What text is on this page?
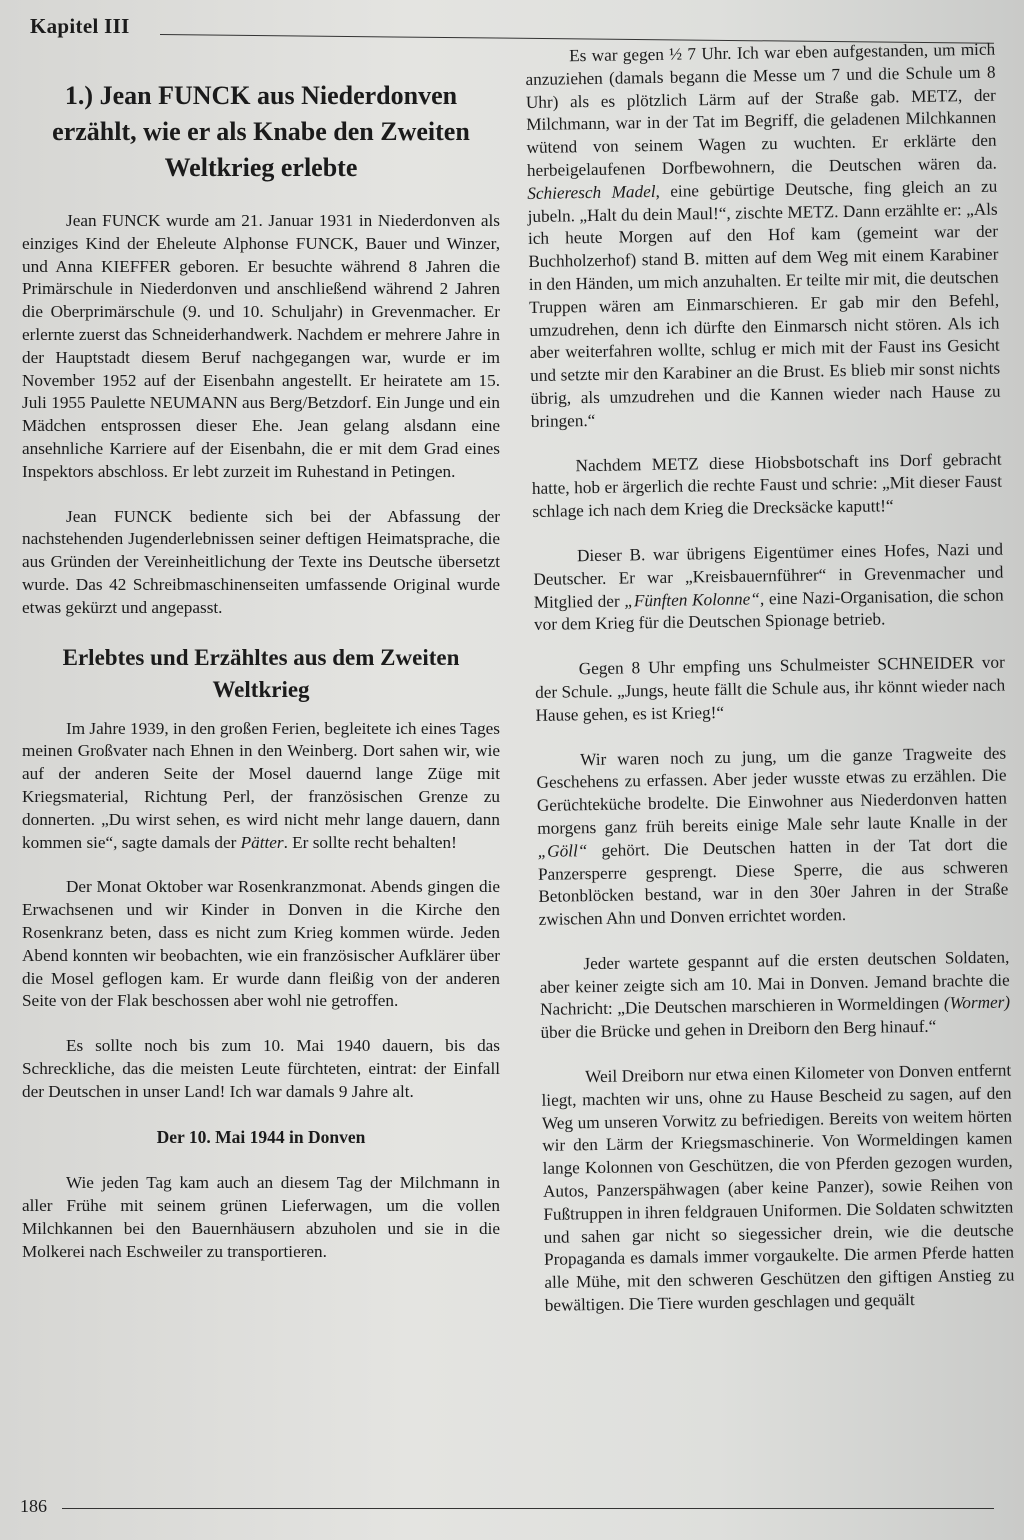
Kapitel III
1.) Jean FUNCK aus Niederdonven erzählt, wie er als Knabe den Zweiten Weltkrieg erlebte

Jean FUNCK wurde am 21. Januar 1931 in Niederdonven als einziges Kind der Eheleute Alphonse FUNCK, Bauer und Winzer, und Anna KIEFFER geboren. Er besuchte während 8 Jahren die Primärschule in Niederdonven und anschließend während 2 Jahren die Oberprimärschule (9. und 10. Schuljahr) in Grevenmacher. Er erlernte zuerst das Schneiderhandwerk. Nachdem er mehrere Jahre in der Hauptstadt diesem Beruf nachgegangen war, wurde er im November 1952 auf der Eisenbahn angestellt. Er heiratete am 15. Juli 1955 Paulette NEUMANN aus Berg/Betzdorf. Ein Junge und ein Mädchen entsprossen dieser Ehe. Jean gelang alsdann eine ansehnliche Karriere auf der Eisenbahn, die er mit dem Grad eines Inspektors abschloss. Er lebt zurzeit im Ruhestand in Petingen.

Jean FUNCK bediente sich bei der Abfassung der nachstehenden Jugenderlebnissen seiner deftigen Heimatsprache, die aus Gründen der Vereinheitlichung der Texte ins Deutsche übersetzt wurde. Das 42 Schreibmaschinenseiten umfassende Original wurde etwas gekürzt und angepasst.

Erlebtes und Erzähltes aus dem Zweiten Weltkrieg

Im Jahre 1939, in den großen Ferien, begleitete ich eines Tages meinen Großvater nach Ehnen in den Weinberg. Dort sahen wir, wie auf der anderen Seite der Mosel dauernd lange Züge mit Kriegsmaterial, Richtung Perl, der französischen Grenze zu donnerten. „Du wirst sehen, es wird nicht mehr lange dauern, dann kommen sie“, sagte damals der Pätter. Er sollte recht behalten!

Der Monat Oktober war Rosenkranzmonat. Abends gingen die Erwachsenen und wir Kinder in Donven in die Kirche den Rosenkranz beten, dass es nicht zum Krieg kommen würde. Jeden Abend konnten wir beobachten, wie ein französischer Aufklärer über die Mosel geflogen kam. Er wurde dann fleißig von der anderen Seite von der Flak beschossen aber wohl nie getroffen.

Es sollte noch bis zum 10. Mai 1940 dauern, bis das Schreckliche, das die meisten Leute fürchteten, eintrat: der Einfall der Deutschen in unser Land! Ich war damals 9 Jahre alt.

Der 10. Mai 1944 in Donven

Wie jeden Tag kam auch an diesem Tag der Milchmann in aller Frühe mit seinem grünen Lieferwagen, um die vollen Milchkannen bei den Bauernhäusern abzuholen und sie in die Molkerei nach Eschweiler zu transportieren.

Es war gegen ½ 7 Uhr. Ich war eben aufgestanden, um mich anzuziehen (damals begann die Messe um 7 und die Schule um 8 Uhr) als es plötzlich Lärm auf der Straße gab. METZ, der Milchmann, war in der Tat im Begriff, die geladenen Milchkannen wütend von seinem Wagen zu wuchten. Er erklärte den herbeigelaufenen Dorfbewohnern, die Deutschen wären da. Schieresch Madel, eine gebürtige Deutsche, fing gleich an zu jubeln. „Halt du dein Maul!“, zischte METZ. Dann erzählte er: „Als ich heute Morgen auf den Hof kam (gemeint war der Buchholzerhof) stand B. mitten auf dem Weg mit einem Karabiner in den Händen, um mich anzuhalten. Er teilte mir mit, die deutschen Truppen wären am Einmarschieren. Er gab mir den Befehl, umzudrehen, denn ich dürfte den Einmarsch nicht stören. Als ich aber weiterfahren wollte, schlug er mich mit der Faust ins Gesicht und setzte mir den Karabiner an die Brust. Es blieb mir sonst nichts übrig, als umzudrehen und die Kannen wieder nach Hause zu bringen.“

Nachdem METZ diese Hiobsbotschaft ins Dorf gebracht hatte, hob er ärgerlich die rechte Faust und schrie: „Mit dieser Faust schlage ich nach dem Krieg die Drecksäcke kaputt!“

Dieser B. war übrigens Eigentümer eines Hofes, Nazi und Deutscher. Er war „Kreisbauernführer“ in Grevenmacher und Mitglied der „Fünften Kolonne“, eine Nazi-Organisation, die schon vor dem Krieg für die Deutschen Spionage betrieb.

Gegen 8 Uhr empfing uns Schulmeister SCHNEIDER vor der Schule. „Jungs, heute fällt die Schule aus, ihr könnt wieder nach Hause gehen, es ist Krieg!“

Wir waren noch zu jung, um die ganze Tragweite des Geschehens zu erfassen. Aber jeder wusste etwas zu erzählen. Die Gerüchteküche brodelte. Die Einwohner aus Niederdonven hatten morgens ganz früh bereits einige Male sehr laute Knalle in der „Göll“ gehört. Die Deutschen hatten in der Tat dort die Panzersperre gesprengt. Diese Sperre, die aus schweren Betonblöcken bestand, war in den 30er Jahren in der Straße zwischen Ahn und Donven errichtet worden.

Jeder wartete gespannt auf die ersten deutschen Soldaten, aber keiner zeigte sich am 10. Mai in Donven. Jemand brachte die Nachricht: „Die Deutschen marschieren in Wormeldingen (Wormer) über die Brücke und gehen in Dreiborn den Berg hinauf.“

Weil Dreiborn nur etwa einen Kilometer von Donven entfernt liegt, machten wir uns, ohne zu Hause Bescheid zu sagen, auf den Weg um unseren Vorwitz zu befriedigen. Bereits von weitem hörten wir den Lärm der Kriegsmaschinerie. Von Wormeldingen kamen lange Kolonnen von Geschützen, die von Pferden gezogen wurden, Autos, Panzerspähwagen (aber keine Panzer), sowie Reihen von Fußtruppen in ihren feldgrauen Uniformen. Die Soldaten schwitzten und sahen gar nicht so siegessicher drein, wie die deutsche Propaganda es damals immer vorgaukelte. Die armen Pferde hatten alle Mühe, mit den schweren Geschützen den giftigen Anstieg zu bewältigen. Die Tiere wurden geschlagen und gequält

186
